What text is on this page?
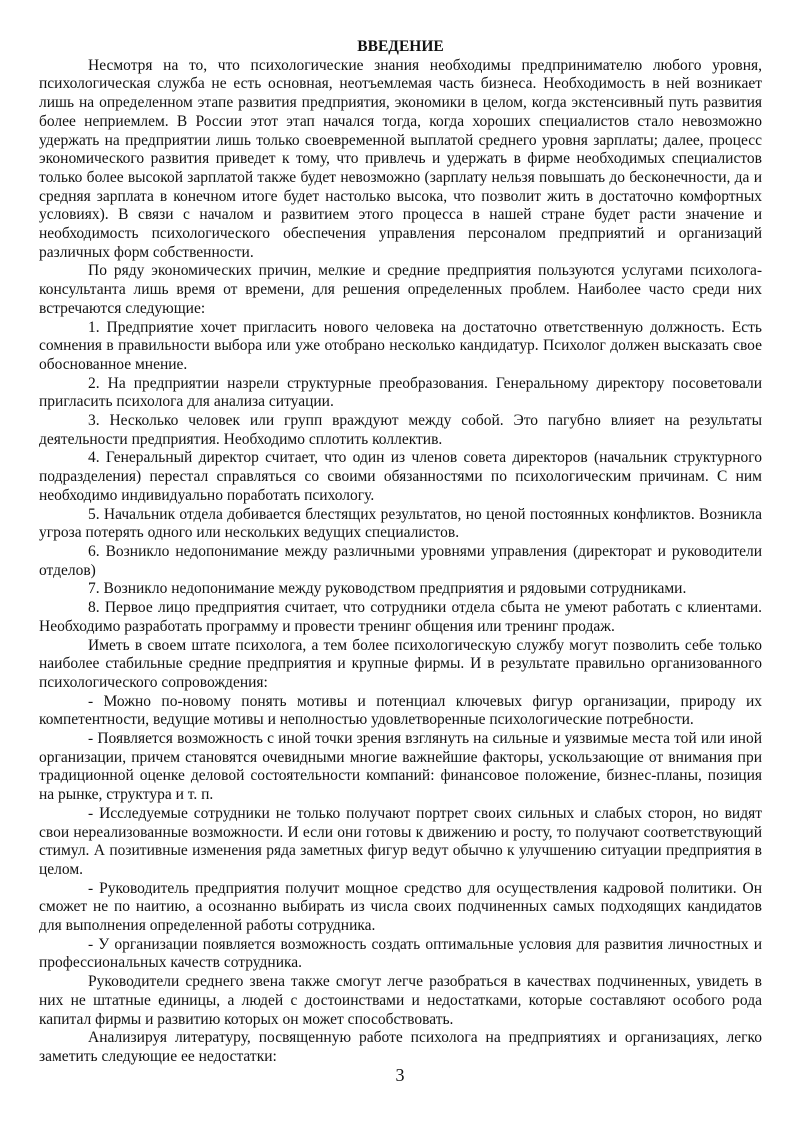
ВВЕДЕНИЕ

Несмотря на то, что психологические знания необходимы предпринимателю любого уровня, психологическая служба не есть основная, неотъемлемая часть бизнеса. Необходимость в ней возникает лишь на определенном этапе развития предприятия, экономики в целом, когда экстенсивный путь развития более неприемлем. В России этот этап начался тогда, когда хороших специалистов стало невозможно удержать на предприятии лишь только своевременной выплатой среднего уровня зарплаты; далее, процесс экономического развития приведет к тому, что привлечь и удержать в фирме необходимых специалистов только более высокой зарплатой также будет невозможно (зарплату нельзя повышать до бесконечности, да и средняя зарплата в конечном итоге будет настолько высока, что позволит жить в достаточно комфортных условиях). В связи с началом и развитием этого процесса в нашей стране будет расти значение и необходимость психологического обеспечения управления персоналом предприятий и организаций различных форм собственности.

По ряду экономических причин, мелкие и средние предприятия пользуются услугами психолога-консультанта лишь время от времени, для решения определенных проблем. Наиболее часто среди них встречаются следующие:

1. Предприятие хочет пригласить нового человека на достаточно ответственную должность. Есть сомнения в правильности выбора или уже отобрано несколько кандидатур. Психолог должен высказать свое обоснованное мнение.

2. На предприятии назрели структурные преобразования. Генеральному директору посоветовали пригласить психолога для анализа ситуации.

3. Несколько человек или групп враждуют между собой. Это пагубно влияет на результаты деятельности предприятия. Необходимо сплотить коллектив.

4. Генеральный директор считает, что один из членов совета директоров (начальник структурного подразделения) перестал справляться со своими обязанностями по психологическим причинам. С ним необходимо индивидуально поработать психологу.

5. Начальник отдела добивается блестящих результатов, но ценой постоянных конфликтов. Возникла угроза потерять одного или нескольких ведущих специалистов.

6. Возникло недопонимание между различными уровнями управления (директорат и руководители отделов)

7. Возникло недопонимание между руководством предприятия и рядовыми сотрудниками.

8. Первое лицо предприятия считает, что сотрудники отдела сбыта не умеют работать с клиентами. Необходимо разработать программу и провести тренинг общения или тренинг продаж.

Иметь в своем штате психолога, а тем более психологическую службу могут позволить себе только наиболее стабильные средние предприятия и крупные фирмы. И в результате правильно организованного психологического сопровождения:

- Можно по-новому понять мотивы и потенциал ключевых фигур организации, природу их компетентности, ведущие мотивы и неполностью удовлетворенные психологические потребности.

- Появляется возможность с иной точки зрения взглянуть на сильные и уязвимые места той или иной организации, причем становятся очевидными многие важнейшие факторы, ускользающие от внимания при традиционной оценке деловой состоятельности компаний: финансовое положение, бизнес-планы, позиция на рынке, структура и т. п.

- Исследуемые сотрудники не только получают портрет своих сильных и слабых сторон, но видят свои нереализованные возможности. И если они готовы к движению и росту, то получают соответствующий стимул. А позитивные изменения ряда заметных фигур ведут обычно к улучшению ситуации предприятия в целом.

- Руководитель предприятия получит мощное средство для осуществления кадровой политики. Он сможет не по наитию, а осознанно выбирать из числа своих подчиненных самых подходящих кандидатов для выполнения определенной работы сотрудника.

- У организации появляется возможность создать оптимальные условия для развития личностных и профессиональных качеств сотрудника.

Руководители среднего звена также смогут легче разобраться в качествах подчиненных, увидеть в них не штатные единицы, а людей с достоинствами и недостатками, которые составляют особого рода капитал фирмы и развитию которых он может способствовать.

Анализируя литературу, посвященную работе психолога на предприятиях и организациях, легко заметить следующие ее недостатки:

3
